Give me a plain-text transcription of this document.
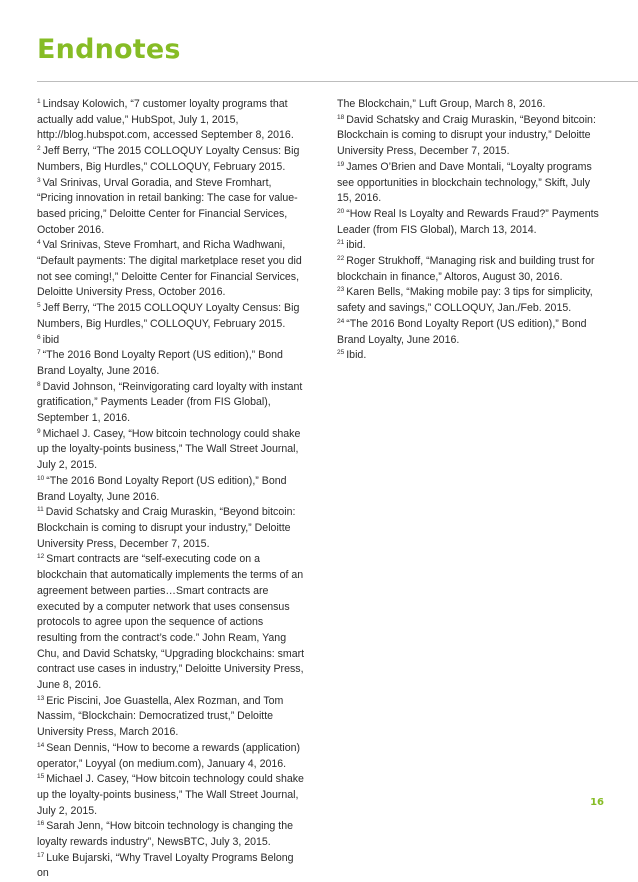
Endnotes

$^1$ Lindsay Kolowich, “7 customer loyalty programs that actually add value,” HubSpot, July 1, 2015, http://blog.hubspot.com, accessed September 8, 2016.

$^2$ Jeff Berry, “The 2015 COLLOQUY Loyalty Census: Big Numbers, Big Hurdles,” COLLOQUY, February 2015.

$^3$ Val Srinivas, Urval Goradia, and Steve Fromhart, “Pricing innovation in retail banking: The case for value-based pricing,” Deloitte Center for Financial Services, October 2016.

$^4$ Val Srinivas, Steve Fromhart, and Richa Wadhwani, “Default payments: The digital marketplace reset you did not see coming!,” Deloitte Center for Financial Services, Deloitte University Press, October 2016.

$^5$ Jeff Berry, “The 2015 COLLOQUY Loyalty Census: Big Numbers, Big Hurdles,” COLLOQUY, February 2015.

$^6$ ibid

$^7$ “The 2016 Bond Loyalty Report (US edition),” Bond Brand Loyalty, June 2016.

$^8$ David Johnson, “Reinvigorating card loyalty with instant gratification,” Payments Leader (from FIS Global), September 1, 2016.

$^9$ Michael J. Casey, “How bitcoin technology could shake up the loyalty-points business,” The Wall Street Journal, July 2, 2015.

$^{10}$ “The 2016 Bond Loyalty Report (US edition),” Bond Brand Loyalty, June 2016.

$^{11}$ David Schatsky and Craig Muraskin, “Beyond bitcoin: Blockchain is coming to disrupt your industry,” Deloitte University Press, December 7, 2015.

$^{12}$ Smart contracts are “self-executing code on a blockchain that automatically implements the terms of an agreement between parties…Smart contracts are executed by a computer network that uses consensus protocols to agree upon the sequence of actions resulting from the contract’s code.” John Ream, Yang Chu, and David Schatsky, “Upgrading blockchains: smart contract use cases in industry,” Deloitte University Press, June 8, 2016.

$^{13}$ Eric Piscini, Joe Guastella, Alex Rozman, and Tom Nassim, “Blockchain: Democratized trust,” Deloitte University Press, March 2016.

$^{14}$ Sean Dennis, “How to become a rewards (application) operator,” Loyyal (on medium.com), January 4, 2016.

$^{15}$ Michael J. Casey, “How bitcoin technology could shake up the loyalty-points business,” The Wall Street Journal, July 2, 2015.

$^{16}$ Sarah Jenn, “How bitcoin technology is changing the loyalty rewards industry”, NewsBTC, July 3, 2015.

$^{17}$ Luke Bujarski, “Why Travel Loyalty Programs Belong on

The Blockchain,” Luft Group, March 8, 2016.

$^{18}$ David Schatsky and Craig Muraskin, “Beyond bitcoin: Blockchain is coming to disrupt your industry,” Deloitte University Press, December 7, 2015.

$^{19}$ James O’Brien and Dave Montali, “Loyalty programs see opportunities in blockchain technology,” Skift, July 15, 2016.

$^{20}$ “How Real Is Loyalty and Rewards Fraud?” Payments Leader (from FIS Global), March 13, 2014.

$^{21}$ ibid.

$^{22}$ Roger Strukhoff, “Managing risk and building trust for blockchain in finance,” Altoros, August 30, 2016.

$^{23}$ Karen Bells, “Making mobile pay: 3 tips for simplicity, safety and savings,” COLLOQUY, Jan./Feb. 2015.

$^{24}$ “The 2016 Bond Loyalty Report (US edition),” Bond Brand Loyalty, June 2016.

$^{25}$ Ibid.

16
